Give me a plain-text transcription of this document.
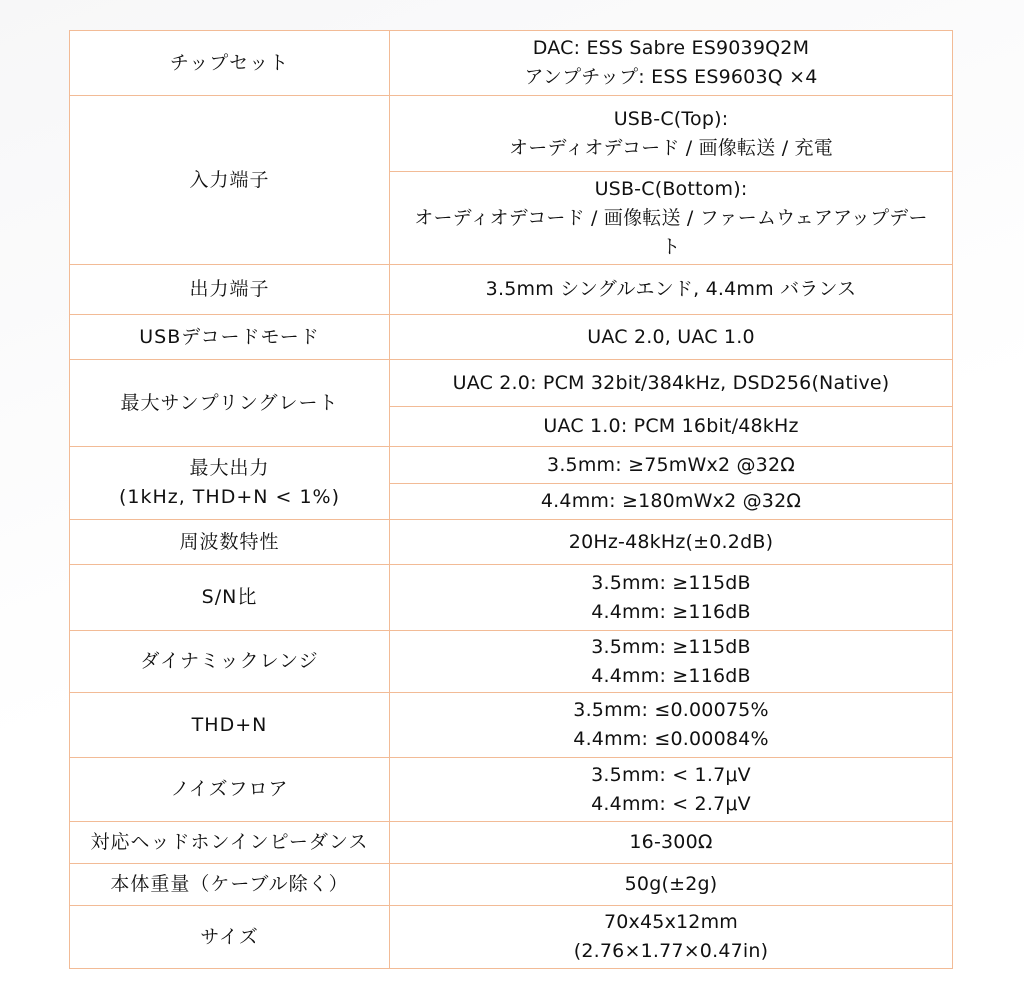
チップセット	DAC: ESS Sabre ES9039Q2M
アンプチップ: ESS ES9603Q ×4

入力端子	USB-C(Top):
オーディオデコード / 画像転送 / 充電

	USB-C(Bottom):
オーディオデコード / 画像転送 / ファームウェアアップデー
ト

出力端子	3.5mm シングルエンド, 4.4mm バランス

USBデコードモード	UAC 2.0, UAC 1.0

最大サンプリングレート	UAC 2.0: PCM 32bit/384kHz, DSD256(Native)

	UAC 1.0: PCM 16bit/48kHz

最大出力
(1kHz, THD+N < 1%)	3.5mm: ≥75mWx2 @32Ω

	4.4mm: ≥180mWx2 @32Ω

周波数特性	20Hz-48kHz(±0.2dB)

S/N比	3.5mm: ≥115dB
4.4mm: ≥116dB

ダイナミックレンジ	3.5mm: ≥115dB
4.4mm: ≥116dB

THD+N	3.5mm: ≤0.00075%
4.4mm: ≤0.00084%

ノイズフロア	3.5mm: < 1.7μV
4.4mm: < 2.7μV

対応ヘッドホンインピーダンス	16-300Ω

本体重量（ケーブル除く）	50g(±2g)

サイズ	70x45x12mm
(2.76×1.77×0.47in)
